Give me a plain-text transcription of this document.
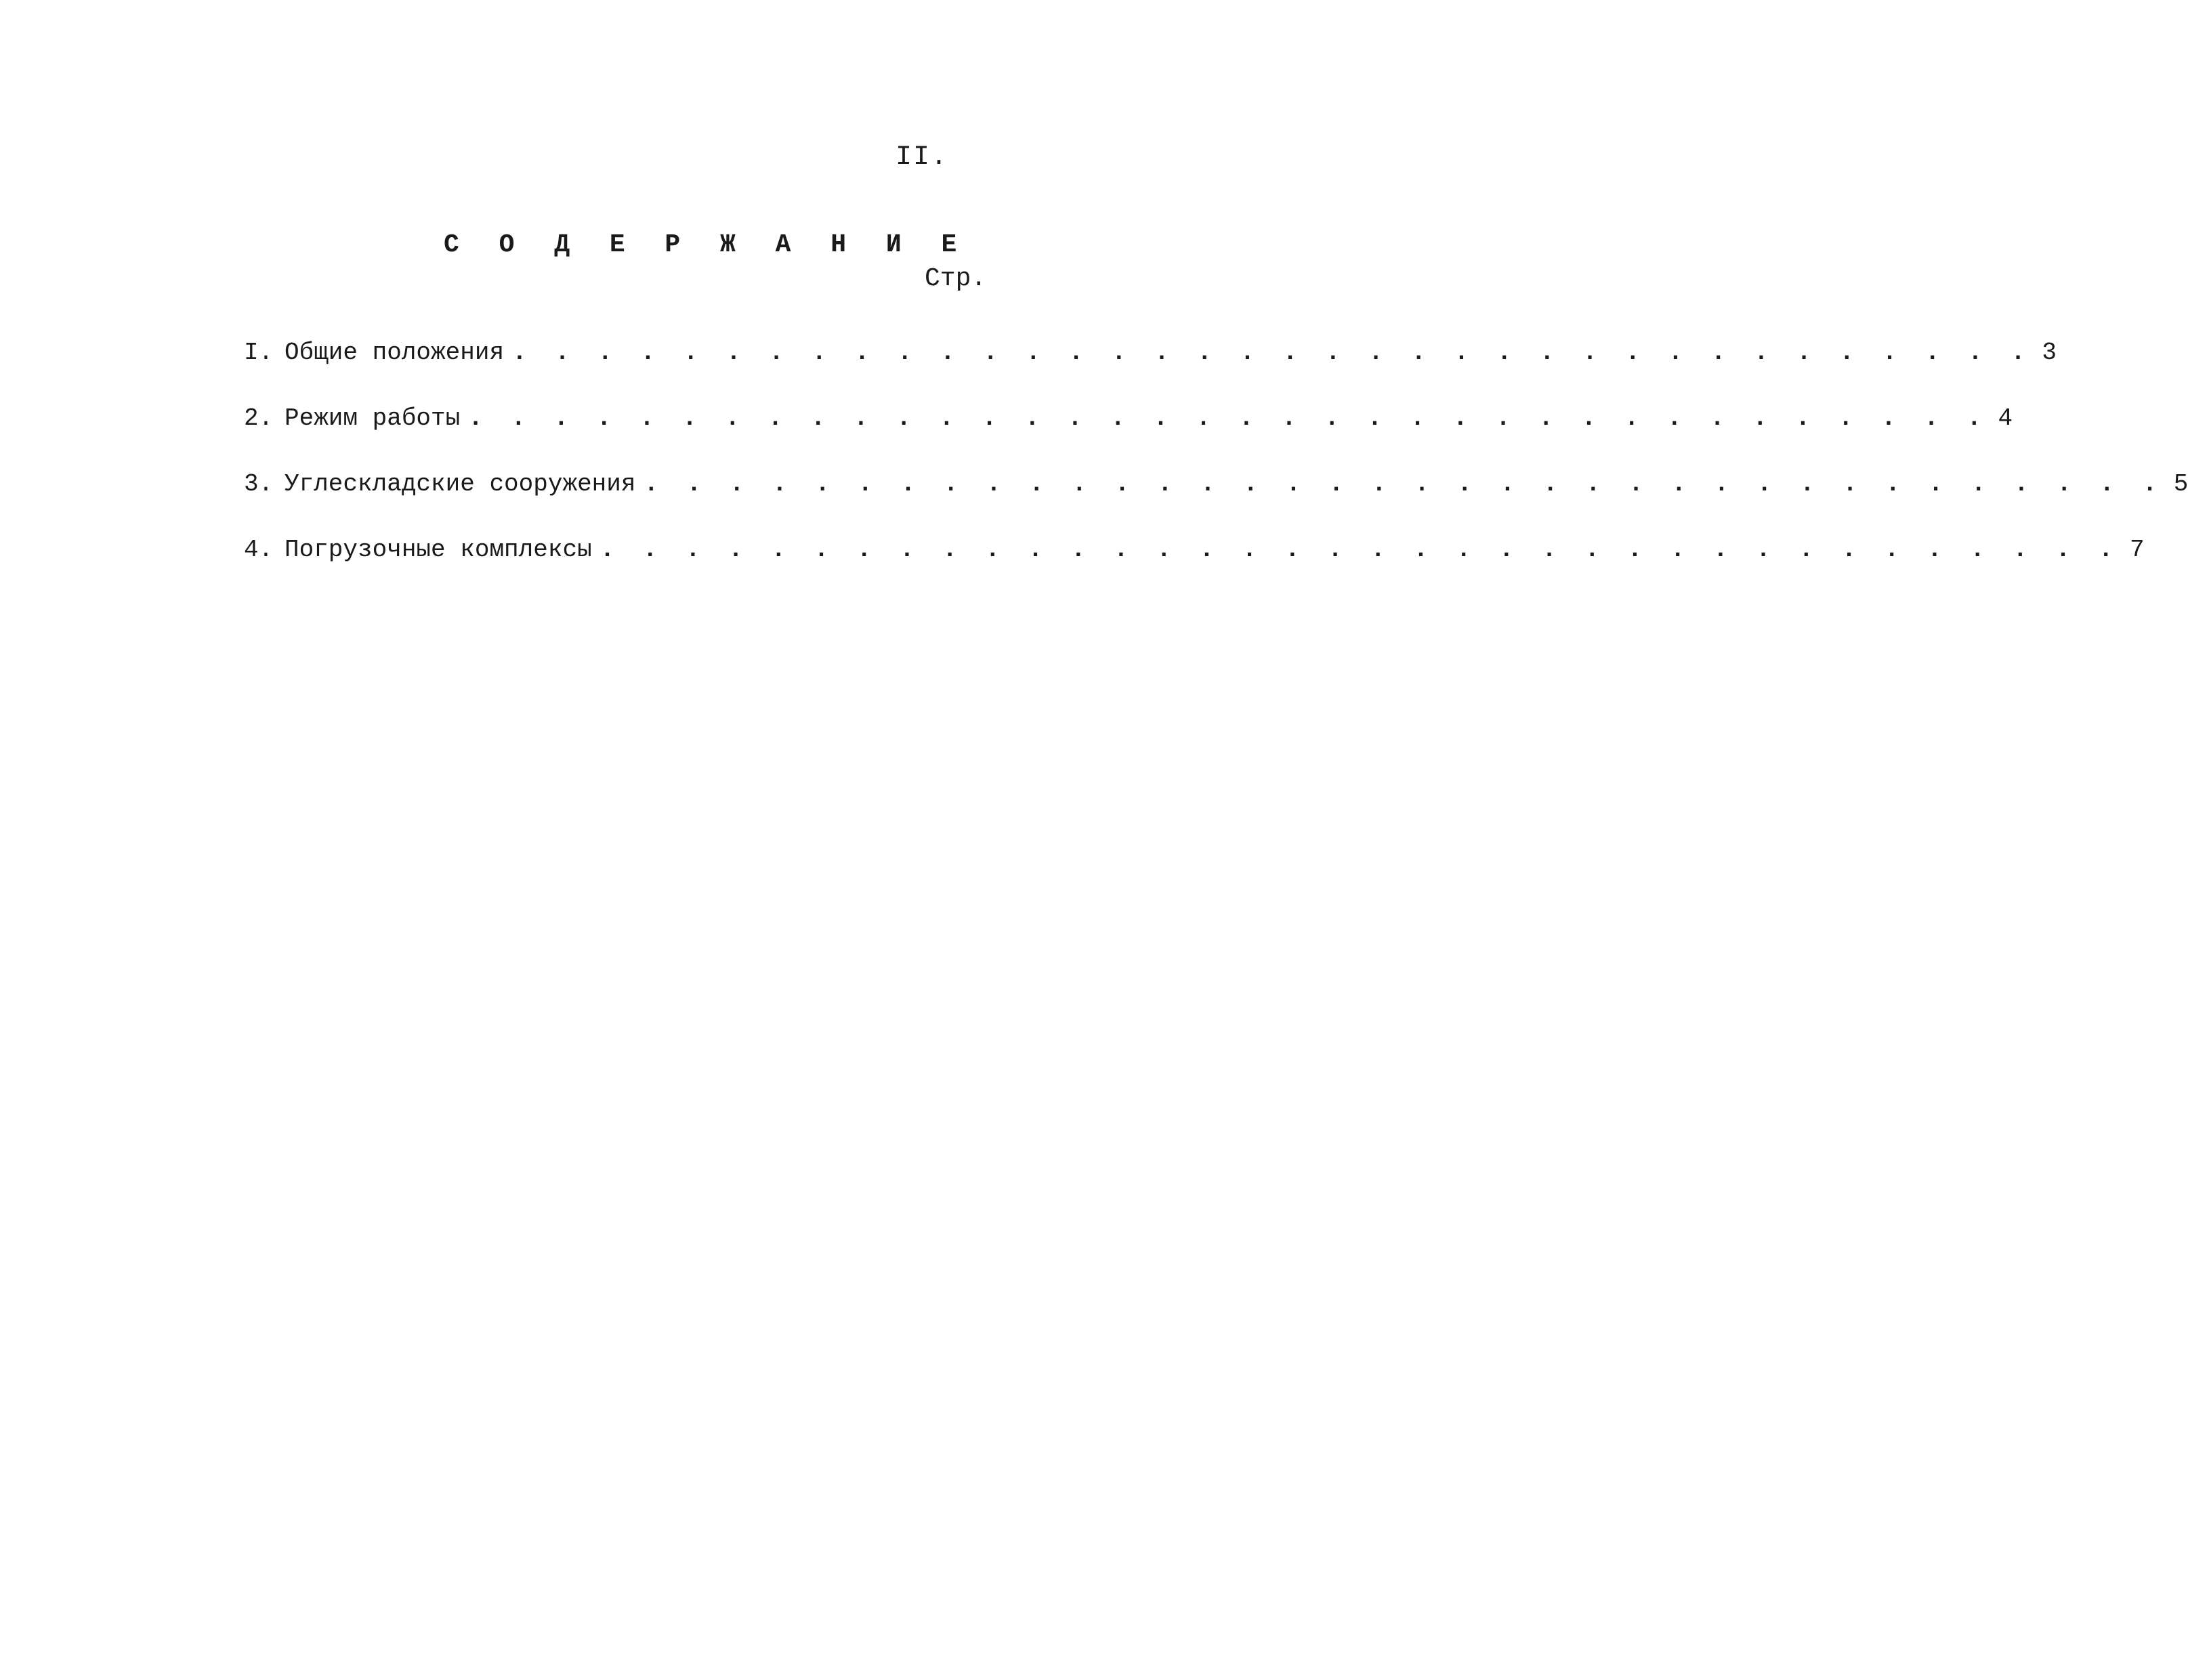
II.
С О Д Е Р Ж А Н И Е
Стр.
I. Общие положения . . . . . . . . . . . . . . . . . . . . . . . . . . . . . . . . . . . . 3
2. Режим работы . . . . . . . . . . . . . . . . . . . . . . . . . . . . . . . . . . . . 4
3. Углескладские сооружения . . . . . . . . . . . . . . . . . . . . . . . . . . . . . . . . . . . . 5
4. Погрузочные комплексы . . . . . . . . . . . . . . . . . . . . . . . . . . . . . . . . . . . . 7
